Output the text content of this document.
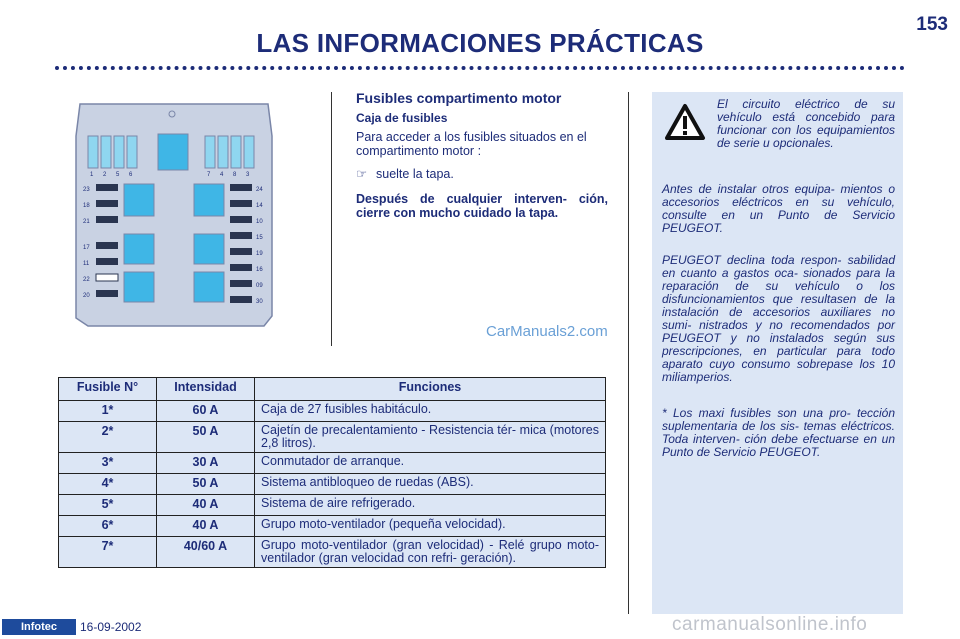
LAS INFORMACIONES PRÁCTICAS
153
1 2 5 6	7 4 8 3
23
18
21
17
11
22
20
24
14
10
15
19
16
09
30
Fusibles compartimento motor
Caja de fusibles
Para acceder a los fusibles situados en el compartimento motor :
☞ suelte la tapa.
Después de cualquier interven- ción, cierre con mucho cuidado la tapa.
CarManuals2.com
Fusible N°	Intensidad	Funciones
1*	60 A	Caja de 27 fusibles habitáculo.
2*	50 A	Cajetín de precalentamiento - Resistencia tér- mica (motores 2,8 litros).
3*	30 A	Conmutador de arranque.
4*	50 A	Sistema antibloqueo de ruedas (ABS).
5*	40 A	Sistema de aire refrigerado.
6*	40 A	Grupo moto-ventilador (pequeña velocidad).
7*	40/60 A	Grupo moto-ventilador (gran velocidad) - Relé grupo moto-ventilador (gran velocidad con refri- geración).
El circuito eléctrico de su vehículo está concebido para funcionar con los equipamientos de serie u opcionales.
Antes de instalar otros equipa- mientos o accesorios eléctricos en su vehículo, consulte en un Punto de Servicio PEUGEOT.
PEUGEOT declina toda respon- sabilidad en cuanto a gastos oca- sionados para la reparación de su vehículo o los disfuncionamientos que resultasen de la instalación de accesorios auxiliares no sumi- nistrados y no recomendados por PEUGEOT y no instalados según sus prescripciones, en particular para todo aparato cuyo consumo sobrepase los 10 miliamperios.
* Los maxi fusibles son una pro- tección suplementaria de los sis- temas eléctricos. Toda interven- ción debe efectuarse en un Punto de Servicio PEUGEOT.
Infotec	16-09-2002	carmanualsonline.info
